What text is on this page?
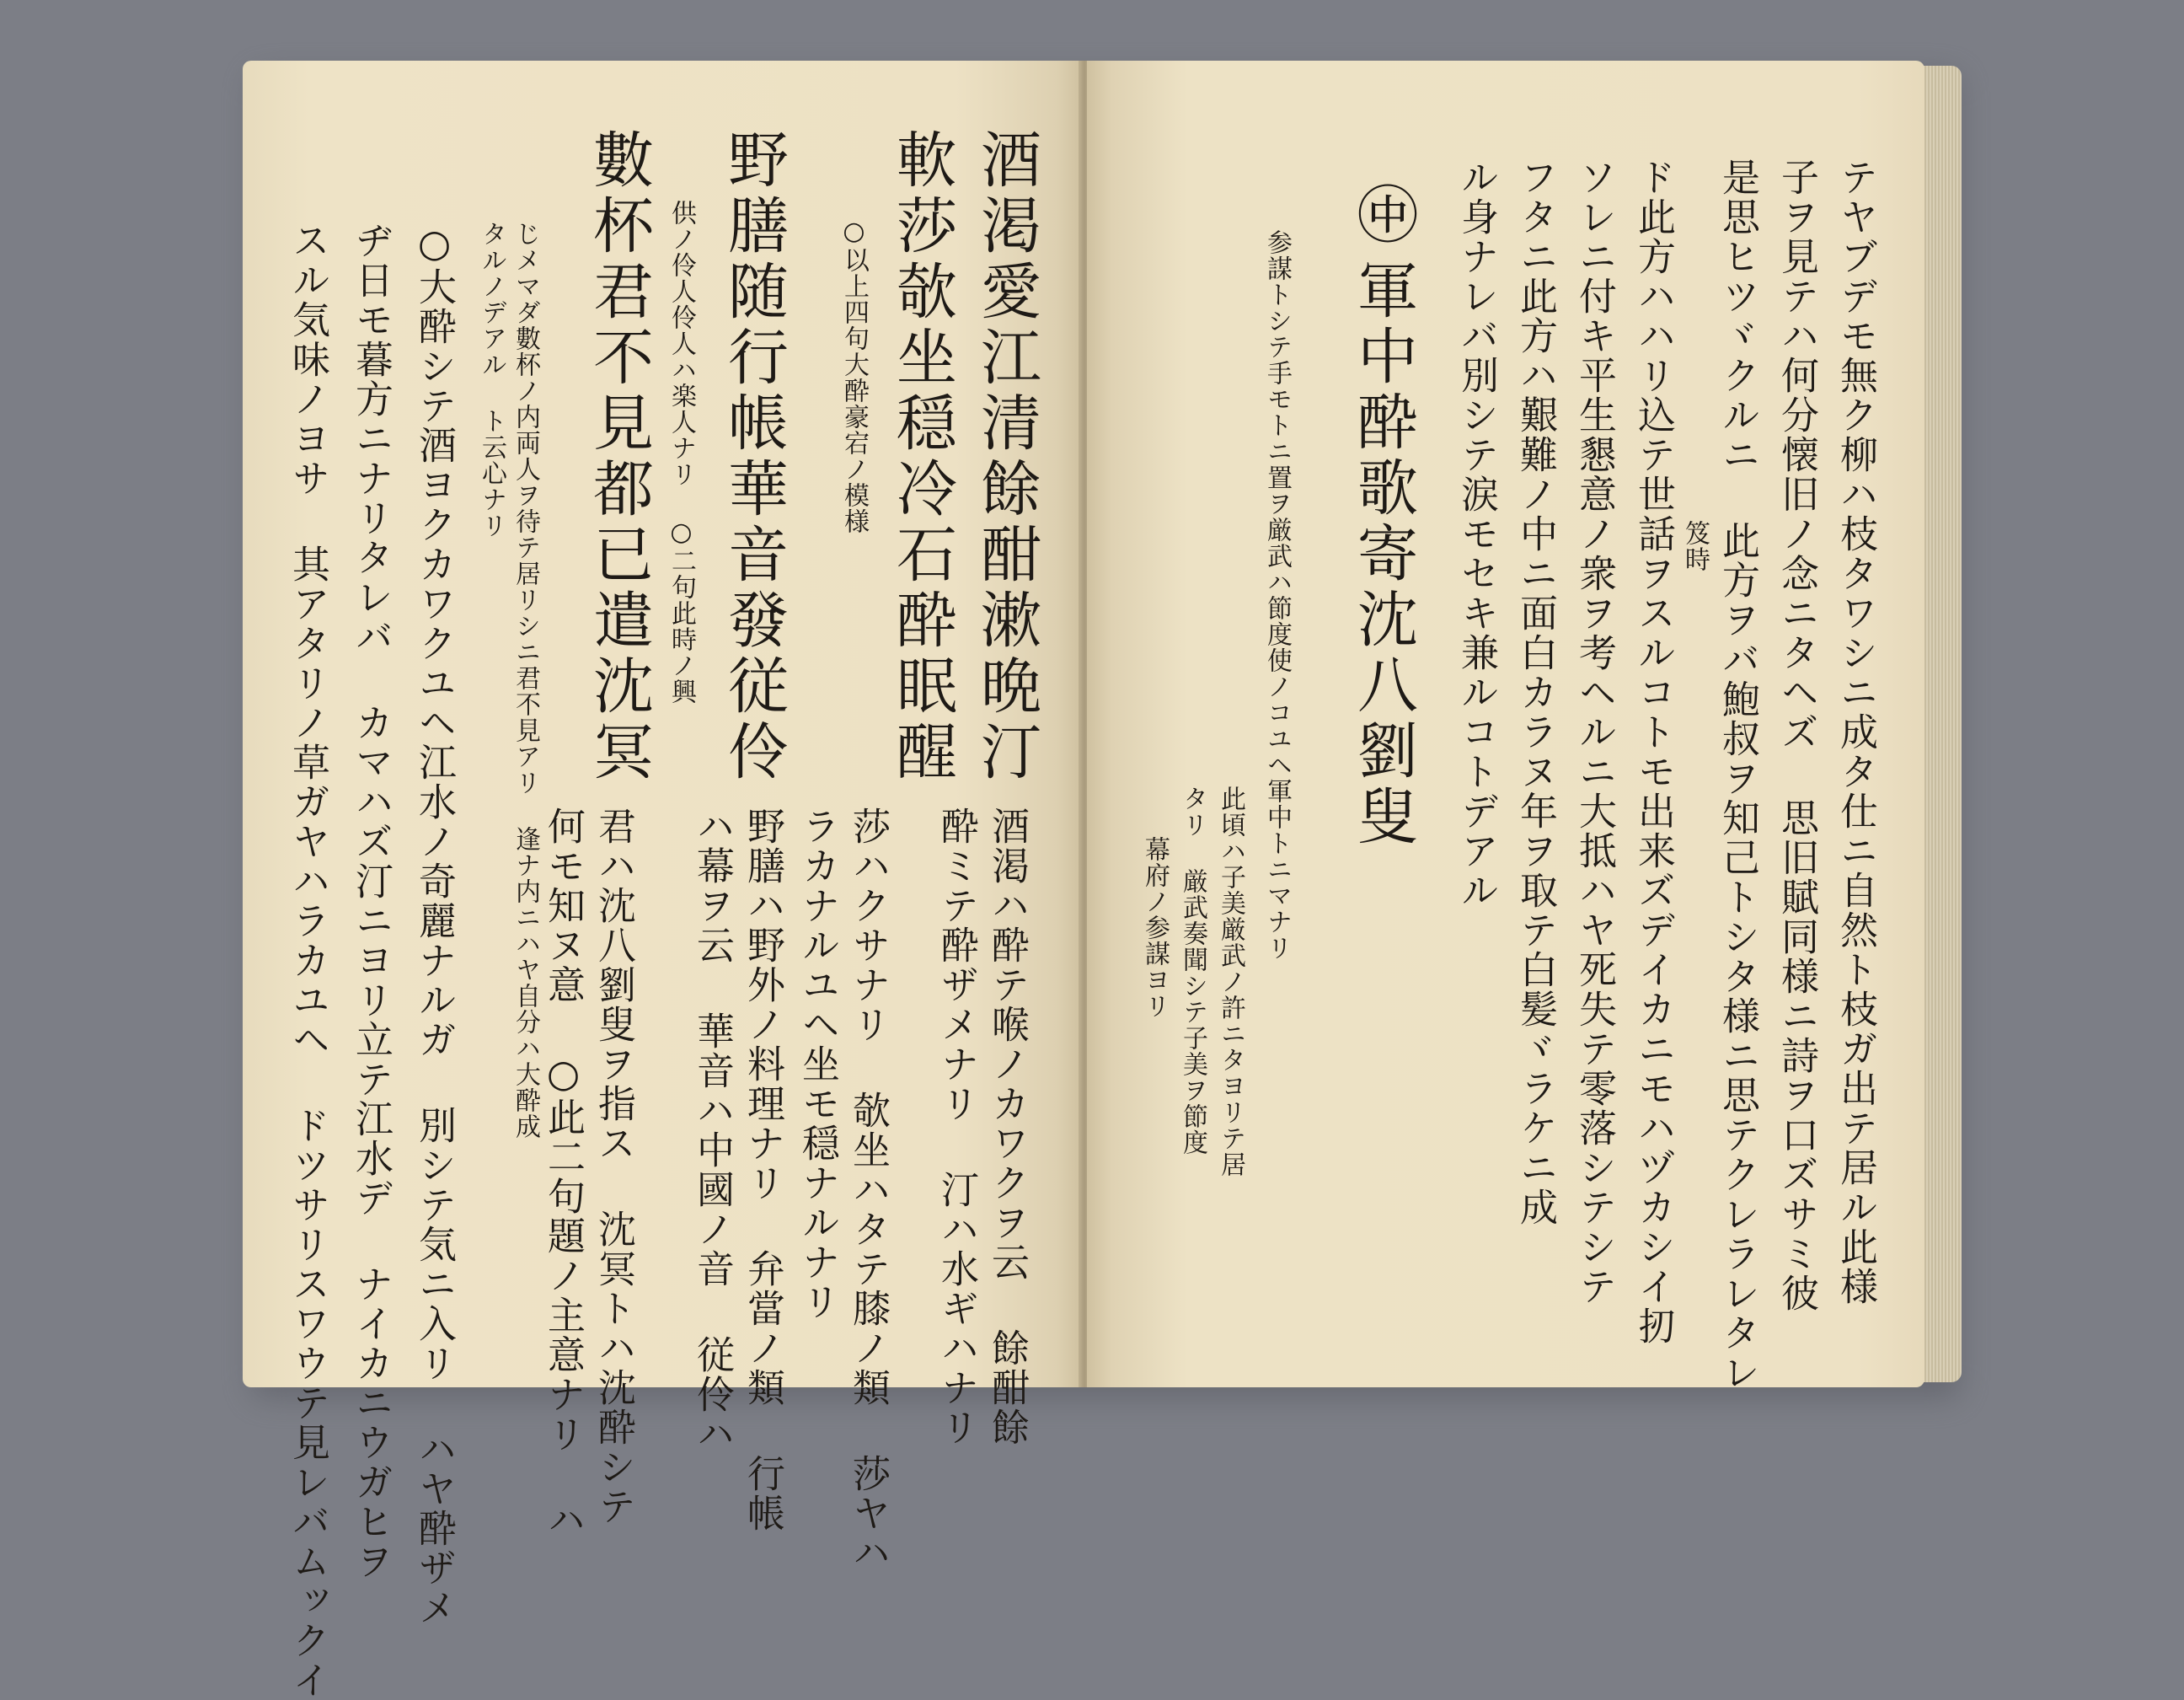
酒渇愛江清餘酣漱晩汀
軟莎欹坐穏冷石酔眠醒
○以上四句大酔豪宕ノ模様
野膳随行帳華音發従伶
供ノ伶人伶人ハ楽人ナリ ○二句此時ノ興
數杯君不見都已遣沈冥
酒渇ハ酔テ喉ノカワクヲ云 餘酣餘
酔ミテ酔ザメナリ 汀ハ水ギハナリ
莎ハクサナリ 欹坐ハタテ膝ノ類 莎ヤハ
ラカナルユヘ坐モ穏ナルナリ
野膳ハ野外ノ料理ナリ 弁當ノ類 行帳
ハ幕ヲ云 華音ハ中國ノ音 従伶ハ
君ハ沈八劉叟ヲ指ス 沈冥トハ沈酔シテ
何モ知ヌ意 ○此二句題ノ主意ナリ ハ
じメマダ數杯ノ内両人ヲ待テ居リシニ君不見アリ 逢ナ内ニハヤ自分ハ大酔成
タルノデアル ト云心ナリ
○大酔シテ酒ヨクカワクユヘ江水ノ奇麗ナルガ 別シテ気ニ入リ ハヤ酔ザメ
ヂ日モ暮方ニナリタレバ カマハズ汀ニヨリ立テ江水デ ナイカニウガヒヲ
スル気味ノヨサ 其アタリノ草ガヤハラカユヘ ドツサリスワウテ見レバムックイ	テヤブデモ無ク柳ハ枝タワシニ成タ仕ニ自然ト枝ガ出テ居ル此様
子ヲ見テハ何分懐旧ノ念ニタヘズ 思旧賦同様ニ詩ヲ口ズサミ彼
是思ヒツヾクルニ 此方ヲバ鮑叔ヲ知己トシタ様ニ思テクレラレタレ
笈時
ド此方ハハリ込テ世話ヲスルコトモ出来ズデイカニモハヅカシイ扨
ソレニ付キ平生懇意ノ衆ヲ考ヘルニ大抵ハヤ死失テ零落シテシテ
フタニ此方ハ艱難ノ中ニ面白カラヌ年ヲ取テ白髪ヾラケニ成
ル身ナレバ別シテ涙モセキ兼ルコトデアル
㊥
軍中酔歌寄沈八劉叟
参謀トシテ手モトニ置ヲ厳武ハ節度使ノコユヘ軍中トニマナリ
此頃ハ子美厳武ノ許ニタヨリテ居
タリ 厳武奏聞シテ子美ヲ節度
幕府ノ参謀ヨリ
